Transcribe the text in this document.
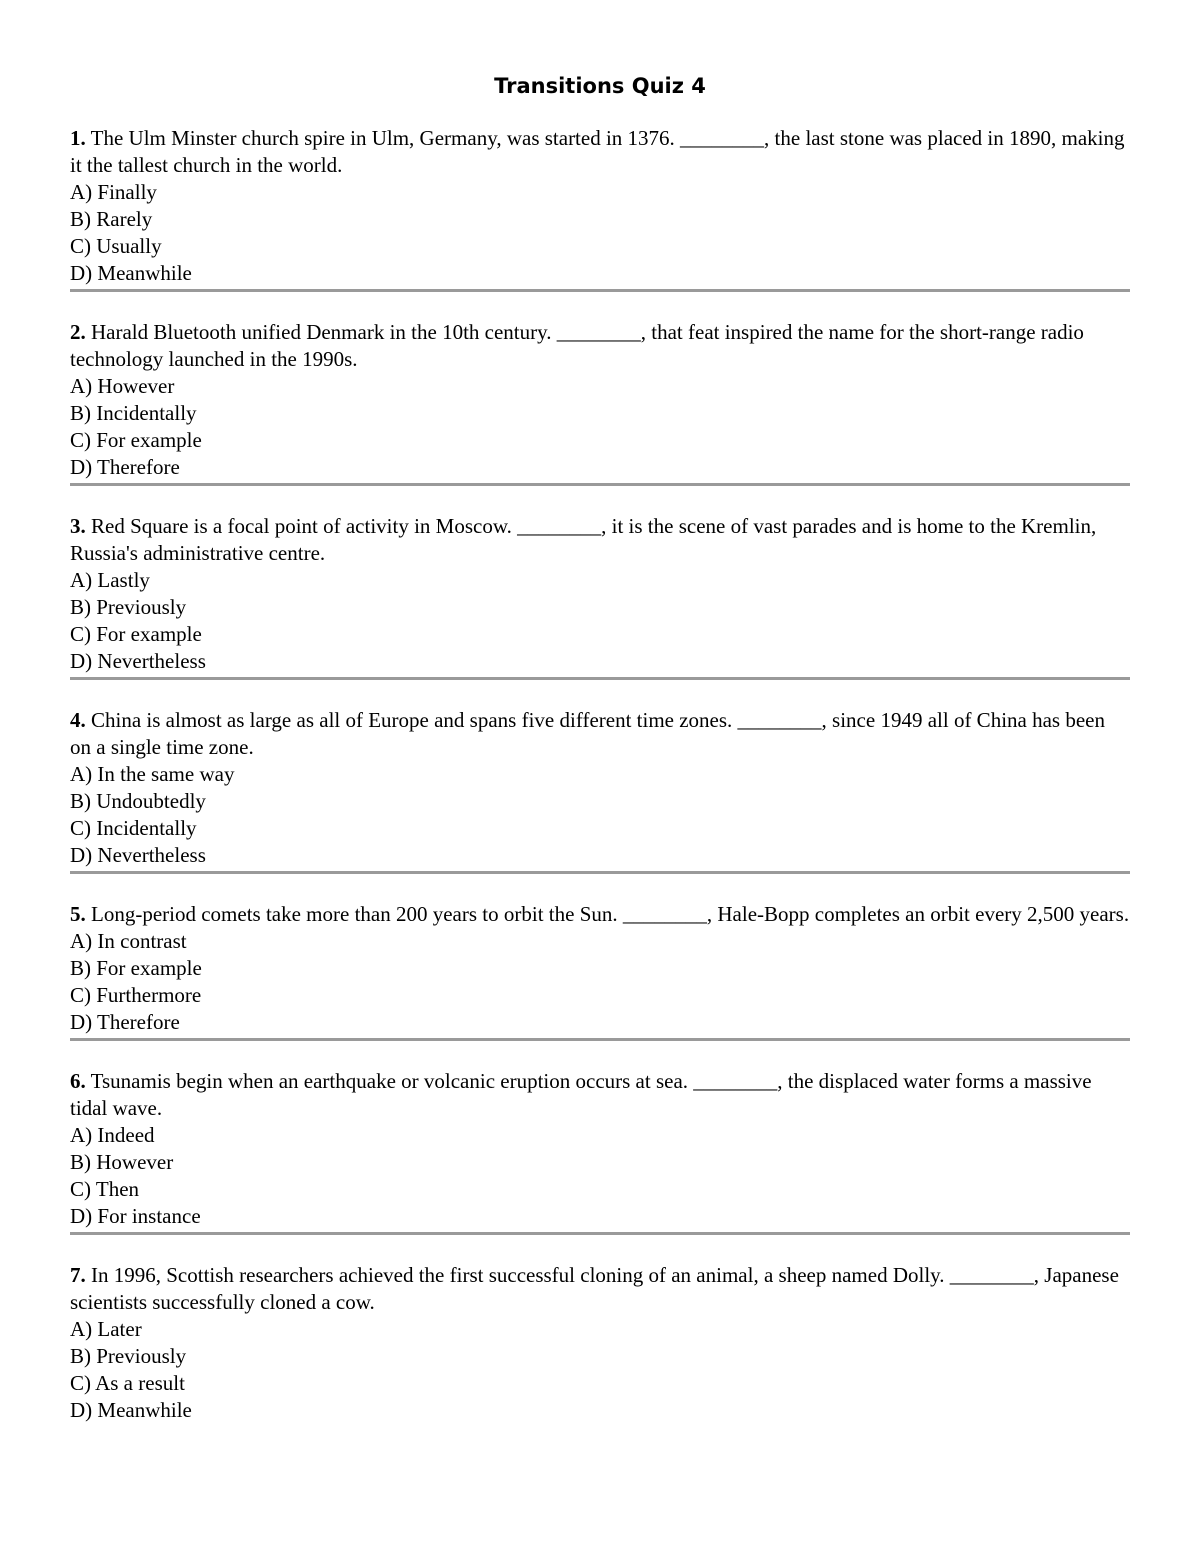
Transitions Quiz 4

1. The Ulm Minster church spire in Ulm, Germany, was started in 1376. ________, the last stone was placed in 1890, making it the tallest church in the world.

A) Finally

B) Rarely

C) Usually

D) Meanwhile

2. Harald Bluetooth unified Denmark in the 10th century. ________, that feat inspired the name for the short-range radio technology launched in the 1990s.

A) However

B) Incidentally

C) For example

D) Therefore

3. Red Square is a focal point of activity in Moscow. ________, it is the scene of vast parades and is home to the Kremlin, Russia's administrative centre.

A) Lastly

B) Previously

C) For example

D) Nevertheless

4. China is almost as large as all of Europe and spans five different time zones. ________, since 1949 all of China has been on a single time zone.

A) In the same way

B) Undoubtedly

C) Incidentally

D) Nevertheless

5. Long-period comets take more than 200 years to orbit the Sun. ________, Hale-Bopp completes an orbit every 2,500 years.

A) In contrast

B) For example

C) Furthermore

D) Therefore

6. Tsunamis begin when an earthquake or volcanic eruption occurs at sea. ________, the displaced water forms a massive tidal wave.

A) Indeed

B) However

C) Then

D) For instance

7. In 1996, Scottish researchers achieved the first successful cloning of an animal, a sheep named Dolly. ________, Japanese scientists successfully cloned a cow.

A) Later

B) Previously

C) As a result

D) Meanwhile
